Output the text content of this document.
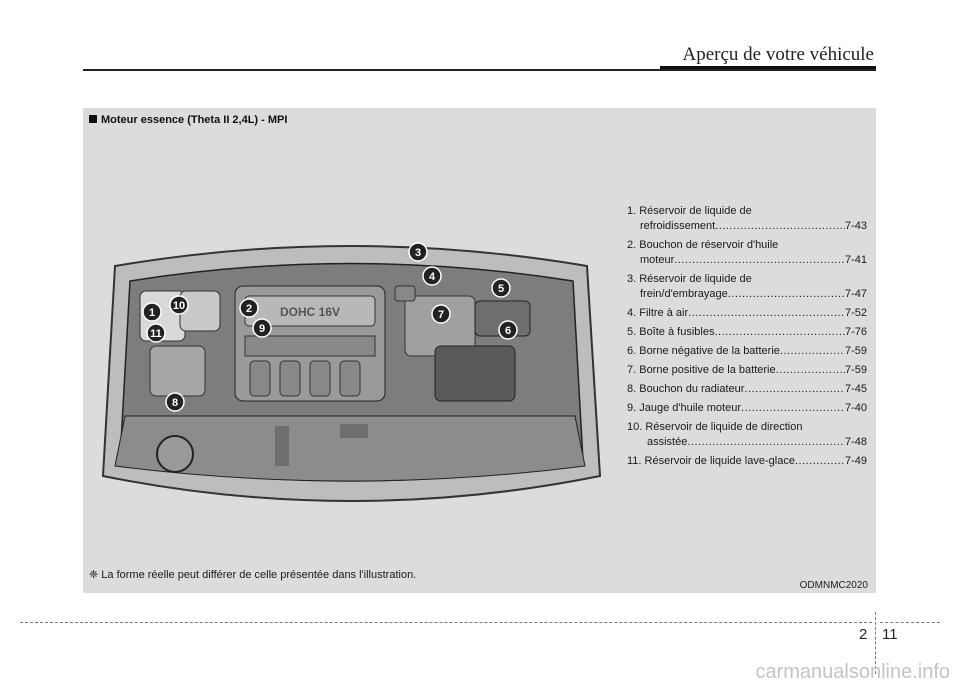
Aperçu de votre véhicule
Moteur essence (Theta II 2,4L) - MPI
DOHC 16V
1
10	2
3
4
5
6
7
8
9
11
1. Réservoir de liquide de
refroidissement .....	7-43
2. Bouchon de réservoir d'huile
moteur .....	7-41
3. Réservoir de liquide de
frein/d'embrayage .....	7-47
4. Filtre à air .....	7-52
5. Boîte à fusibles .....	7-76
6. Borne négative de la batterie .....	7-59
7. Borne positive de la batterie .....	7-59
8. Bouchon du radiateur .....	7-45
9. Jauge d'huile moteur .....	7-40
10. Réservoir de liquide de direction
assistée .....	7-48
11. Réservoir de liquide lave-glace .....	7-49
❈ La forme réelle peut différer de celle présentée dans l'illustration.
ODMNMC2020
2 11
carmanualsonline.info
